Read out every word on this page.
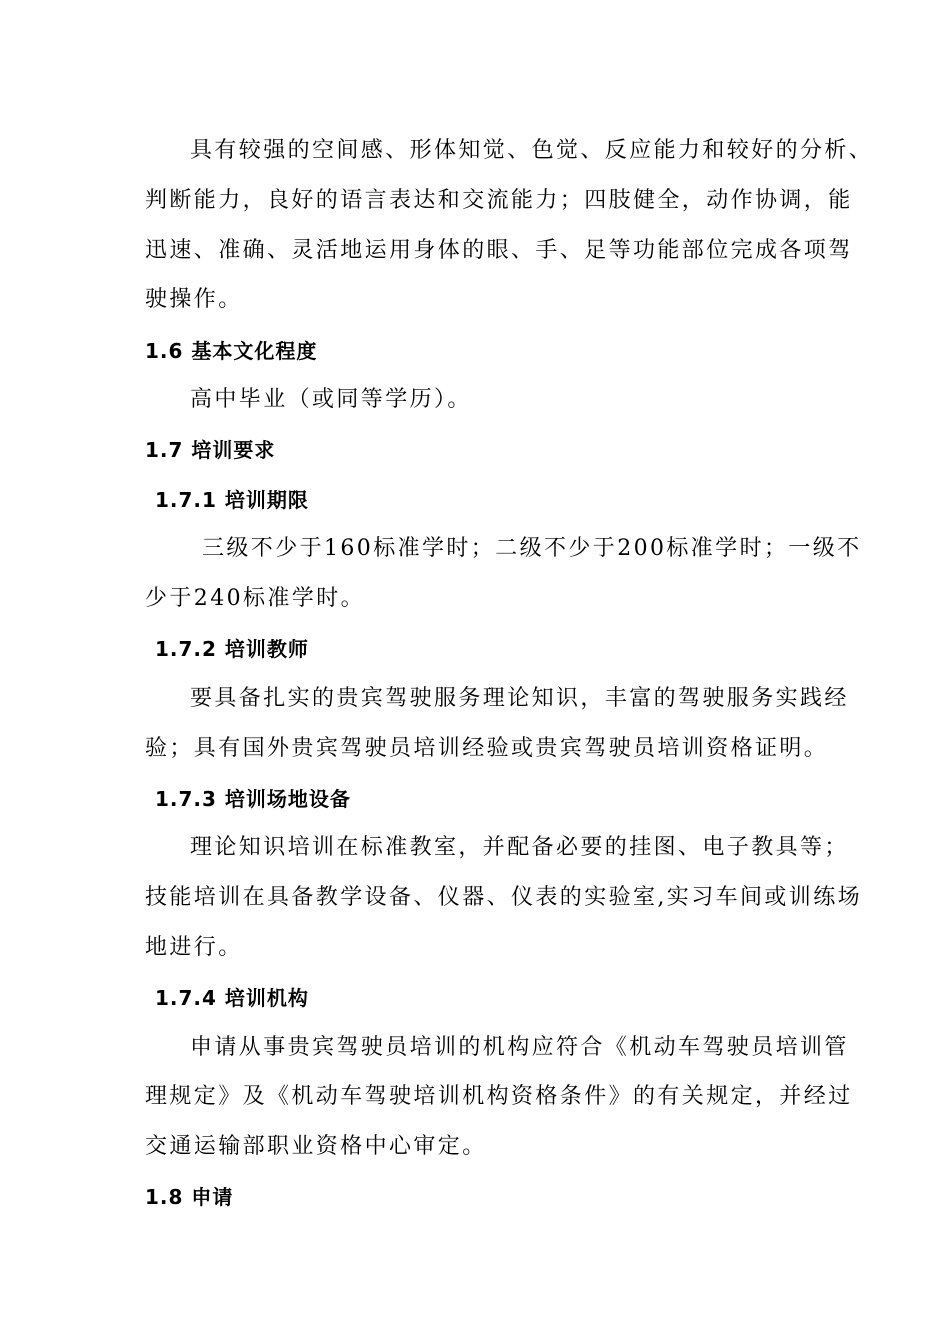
具有较强的空间感、形体知觉、色觉、反应能力和较好的分析、
判断能力，良好的语言表达和交流能力；四肢健全，动作协调，能
迅速、准确、灵活地运用身体的眼、手、足等功能部位完成各项驾
驶操作。
1.6 基本文化程度
高中毕业（或同等学历）。
1.7 培训要求
1.7.1 培训期限
三级不少于160标准学时；二级不少于200标准学时；一级不
少于240标准学时。
1.7.2 培训教师
要具备扎实的贵宾驾驶服务理论知识，丰富的驾驶服务实践经
验；具有国外贵宾驾驶员培训经验或贵宾驾驶员培训资格证明。
1.7.3 培训场地设备
理论知识培训在标准教室，并配备必要的挂图、电子教具等；
技能培训在具备教学设备、仪器、仪表的实验室,实习车间或训练场
地进行。
1.7.4 培训机构
申请从事贵宾驾驶员培训的机构应符合《机动车驾驶员培训管
理规定》及《机动车驾驶培训机构资格条件》的有关规定，并经过
交通运输部职业资格中心审定。
1.8 申请
